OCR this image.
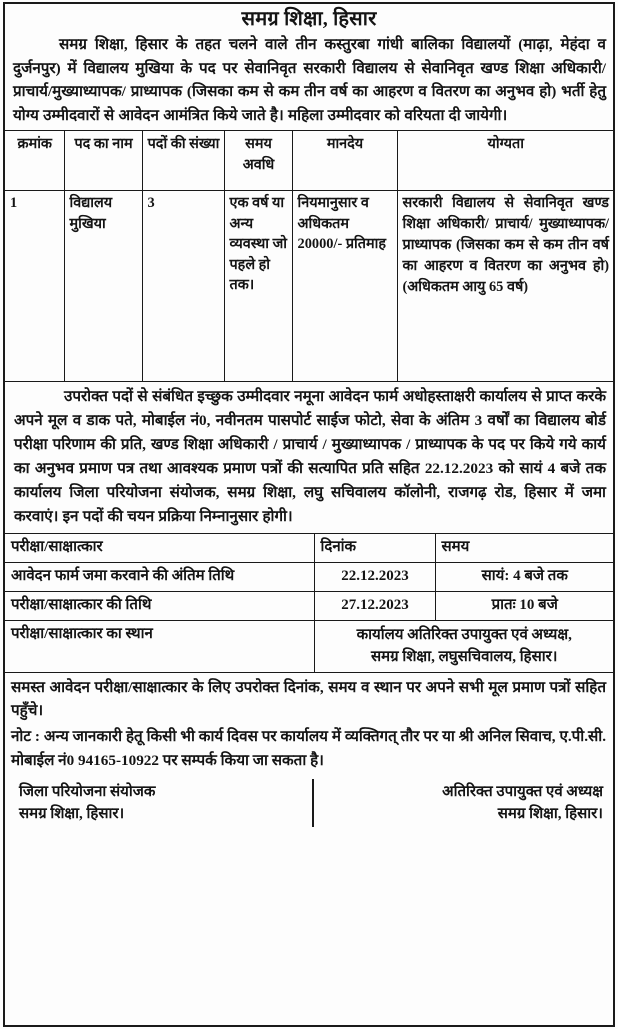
समग्र शिक्षा, हिसार
समग्र शिक्षा, हिसार के तहत चलने वाले तीन कस्तुरबा गांधी बालिका विद्यालयों (माढ़ा, मेहंदा व दुर्जनपुर) में विद्यालय मुखिया के पद पर सेवानिवृत सरकारी विद्यालय से सेवानिवृत खण्ड शिक्षा अधिकारी/प्राचार्य/मुख्याध्यापक/ प्राध्यापक (जिसका कम से कम तीन वर्ष का आहरण व वितरण का अनुभव हो) भर्ती हेतु योग्य उम्मीदवारों से आवेदन आमंत्रित किये जाते है। महिला उम्मीदवार को वरियता दी जायेगी।
क्रमांक	पद का नाम	पदों की संख्या	समय अवधि	मानदेय	योग्यता
1	विद्यालय मुखिया	3	एक वर्ष या अन्य व्यवस्था जो पहले हो तक।	नियमानुसार व अधिकतम 20000/- प्रतिमाह	सरकारी विद्यालय से सेवानिवृत खण्ड शिक्षा अधिकारी/ प्राचार्य/ मुख्याध्यापक/ प्राध्यापक (जिसका कम से कम तीन वर्ष का आहरण व वितरण का अनुभव हो) (अधिकतम आयु 65 वर्ष)
उपरोक्त पदों से संबंधित इच्छुक उम्मीदवार नमूना आवेदन फार्म अधोहस्ताक्षरी कार्यालय से प्राप्त करके अपने मूल व डाक पते, मोबाईल नं0, नवीनतम पासपोर्ट साईज फोटो, सेवा के अंतिम 3 वर्षों का विद्यालय बोर्ड परीक्षा परिणाम की प्रति, खण्ड शिक्षा अधिकारी / प्राचार्य / मुख्याध्यापक / प्राध्यापक के पद पर किये गये कार्य का अनुभव प्रमाण पत्र तथा आवश्यक प्रमाण पत्रों की सत्यापित प्रति सहित 22.12.2023 को सायं 4 बजे तक कार्यालय जिला परियोजना संयोजक, समग्र शिक्षा, लघु सचिवालय कॉलोनी, राजगढ़ रोड, हिसार में जमा करवाएं। इन पदों की चयन प्रक्रिया निम्नानुसार होगी।
परीक्षा/साक्षात्कार	दिनांक	समय
आवेदन फार्म जमा करवाने की अंतिम तिथि	22.12.2023	सायं: 4 बजे तक
परीक्षा/साक्षात्कार की तिथि	27.12.2023	प्रातः 10 बजे
परीक्षा/साक्षात्कार का स्थान	कार्यालय अतिरिक्त उपायुक्त एवं अध्यक्ष,
समग्र शिक्षा, लघुसचिवालय, हिसार।	
समस्त आवेदन परीक्षा/साक्षात्कार के लिए उपरोक्त दिनांक, समय व स्थान पर अपने सभी मूल प्रमाण पत्रों सहित पहुँचे।
नोट : अन्य जानकारी हेतू किसी भी कार्य दिवस पर कार्यालय में व्यक्तिगत् तौर पर या श्री अनिल सिवाच, ए.पी.सी. मोबाईल नं0 94165-10922 पर सम्पर्क किया जा सकता है।
जिला परियोजना संयोजक
समग्र शिक्षा, हिसार।
अतिरिक्त उपायुक्त एवं अध्यक्ष
समग्र शिक्षा, हिसार।
